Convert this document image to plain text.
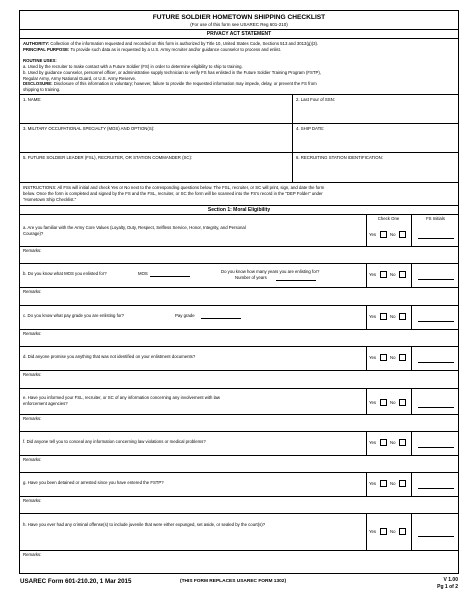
FUTURE SOLDIER HOMETOWN SHIPPING CHECKLIST
(For use of this form see USAREC Reg 601-210)
PRIVACY ACT STATEMENT
AUTHORITY: Collection of the information requested and recorded on this form is authorized by Title 10, United States Code, Sections 513 and 3013(g)(3).
PRINCIPAL PURPOSE: To provide such data as is requested by a U.S. Army recruiter and/or guidance counselor to process and enlist.
ROUTINE USES:
a. Used by the recruiter to make contact with a Future Soldier (FS) in order to determine eligibility to ship to training.
b. Used by guidance counselor, personnel officer, or administrative supply technician to verify FS has enlisted in the Future Soldier Training Program (FSTP),
Regular Army, Army National Guard, or U.S. Army Reserve.
DISCLOSURE: Disclosure of this information is voluntary; however, failure to provide the requested information may impede, delay, or prevent the FS from
shipping to training.
1. NAME:	2. Last Four of SSN:
3. MILITARY OCCUPATIONAL SPECIALTY (MOS) AND OPTION(S):	4. SHIP DATE:
5. FUTURE SOLDIER LEADER (FSL), RECRUITER, OR STATION COMMANDER (SC):	6. RECRUITING STATION IDENTIFICATION:
INSTRUCTIONS: All FSs will initial and check Yes or No next to the corresponding questions below. The FSL, recruiter, or SC will print, sign, and date the form
below. Once the form is completed and signed by the FS and the FSL, recruiter, or SC the form will be scanned into the FS's record in the "DEP Folder" under
"Hometown Ship Checklist."
Section 1: Moral Eligibility
Check One	FS Initials
a. Are you familiar with the Army Core Values (Loyalty, Duty, Respect, Selfless Service, Honor, Integrity, and Personal
Courage)?	Yes	No
Remarks:
b. Do you know what MOS you enlisted for?	MOS	Do you know how many years you are enlisting for?
Number of years
Yes	No
Remarks:
c. Do you know what pay grade you are enlisting for?	Pay grade	Yes	No
Remarks:
d. Did anyone promise you anything that was not identified on your enlistment documents?	Yes	No
Remarks:
e. Have you informed your FSL, recruiter, or SC of any information concerning any involvement with law
enforcement agencies?	Yes	No
Remarks:
f. Did anyone tell you to conceal any information concerning law violations or medical problems?	Yes	No
Remarks:
g. Have you been detained or arrested since you have entered the FSTP?	Yes	No
Remarks:
h. Have you ever had any criminal offense(s) to include juvenile that were either expunged, set aside, or sealed by the court(s)?
Yes	No
Remarks:
USAREC Form 601-210.20, 1 Mar 2015	(THIS FORM REPLACES USAREC FORM 1302)	V 1.00
Pg 1 of 2
